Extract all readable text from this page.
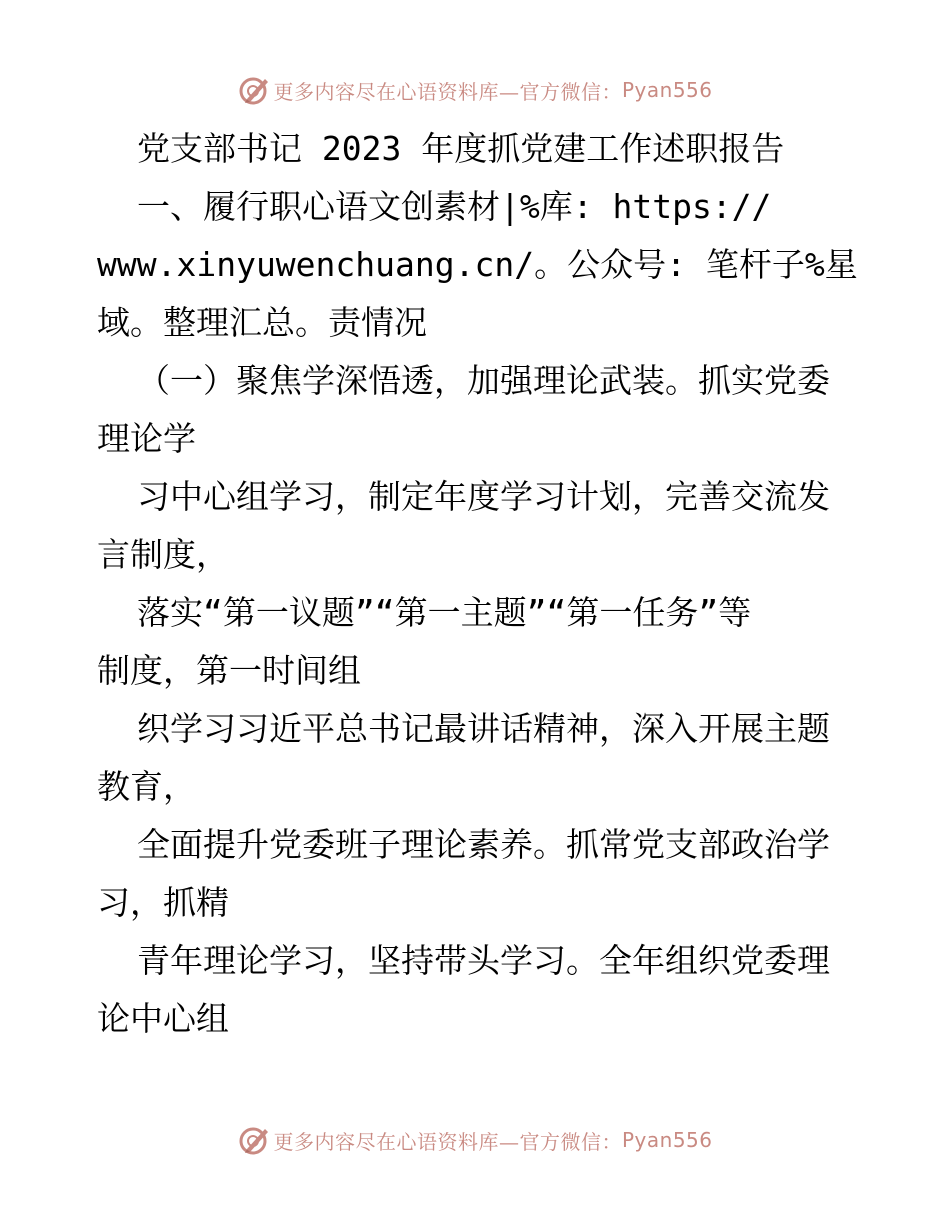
更多内容尽在心语资料库—官方微信： Pyan556
党支部书记 2023 年度抓党建工作述职报告
一、履行职心语文创素材|%库: https://
www.xinyuwenchuang.cn/。公众号: 笔杆子%星
域。整理汇总。责情况
（一）聚焦学深悟透，加强理论武装。抓实党委
理论学
习中心组学习，制定年度学习计划，完善交流发
言制度，
落实“第一议题”“第一主题”“第一任务”等
制度，第一时间组
织学习习近平总书记最讲话精神，深入开展主题
教育，
全面提升党委班子理论素养。抓常党支部政治学
习，抓精
青年理论学习，坚持带头学习。全年组织党委理
论中心组
更多内容尽在心语资料库—官方微信： Pyan556
